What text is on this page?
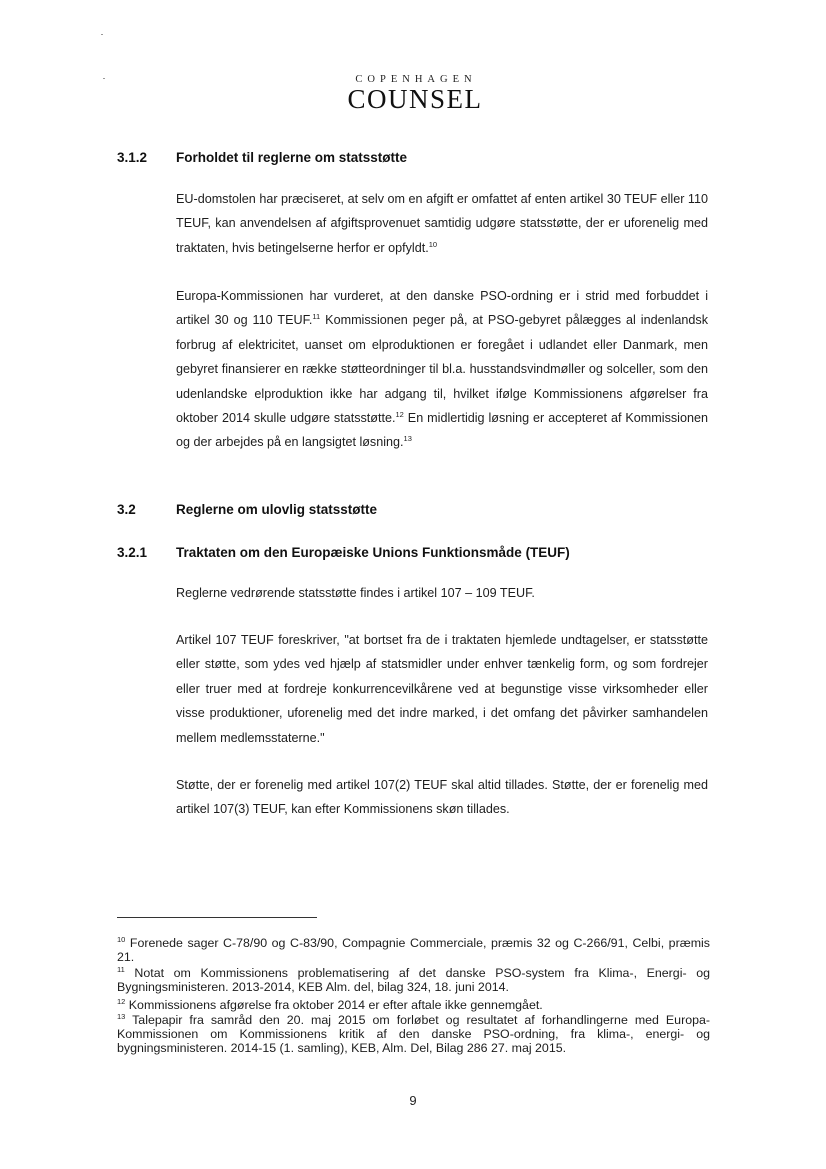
COPENHAGEN
COUNSEL
3.1.2 Forholdet til reglerne om statsstøtte

EU-domstolen har præciseret, at selv om en afgift er omfattet af enten artikel 30 TEUF eller 110 TEUF, kan anvendelsen af afgiftsprovenuet samtidig udgøre statsstøtte, der er uforenelig med traktaten, hvis betingelserne herfor er opfyldt.$^{10}$

Europa-Kommissionen har vurderet, at den danske PSO-ordning er i strid med forbuddet i artikel 30 og 110 TEUF.$^{11}$ Kommissionen peger på, at PSO-gebyret pålægges al indenlandsk forbrug af elektricitet, uanset om elproduktionen er foregået i udlandet eller Danmark, men gebyret finansierer en række støtteordninger til bl.a. husstandsvindmøller og solceller, som den udenlandske elproduktion ikke har adgang til, hvilket ifølge Kommissionens afgørelser fra oktober 2014 skulle udgøre statsstøtte.$^{12}$ En midlertidig løsning er accepteret af Kommissionen og der arbejdes på en langsigtet løsning.$^{13}$

3.2	Reglerne om ulovlig statsstøtte
3.2.1 Traktaten om den Europæiske Unions Funktionsmåde (TEUF)

Reglerne vedrørende statsstøtte findes i artikel 107 – 109 TEUF.

Artikel 107 TEUF foreskriver, "at bortset fra de i traktaten hjemlede undtagelser, er statsstøtte eller støtte, som ydes ved hjælp af statsmidler under enhver tænkelig form, og som fordrejer eller truer med at fordreje konkurrencevilkårene ved at begunstige visse virksomheder eller visse produktioner, uforenelig med det indre marked, i det omfang det påvirker samhandelen mellem medlemsstaterne."

Støtte, der er forenelig med artikel 107(2) TEUF skal altid tillades. Støtte, der er forenelig med artikel 107(3) TEUF, kan efter Kommissionens skøn tillades.

$^{10}$ Forenede sager C-78/90 og C-83/90, Compagnie Commerciale, præmis 32 og C-266/91, Celbi, præmis 21.

$^{11}$ Notat om Kommissionens problematisering af det danske PSO-system fra Klima-, Energi- og Bygningsministeren. 2013-2014, KEB Alm. del, bilag 324, 18. juni 2014.

$^{12}$ Kommissionens afgørelse fra oktober 2014 er efter aftale ikke gennemgået.

$^{13}$ Talepapir fra samråd den 20. maj 2015 om forløbet og resultatet af forhandlingerne med Europa-Kommissionen om Kommissionens kritik af den danske PSO-ordning, fra klima-, energi- og bygningsministeren. 2014-15 (1. samling), KEB, Alm. Del, Bilag 286 27. maj 2015.

9
